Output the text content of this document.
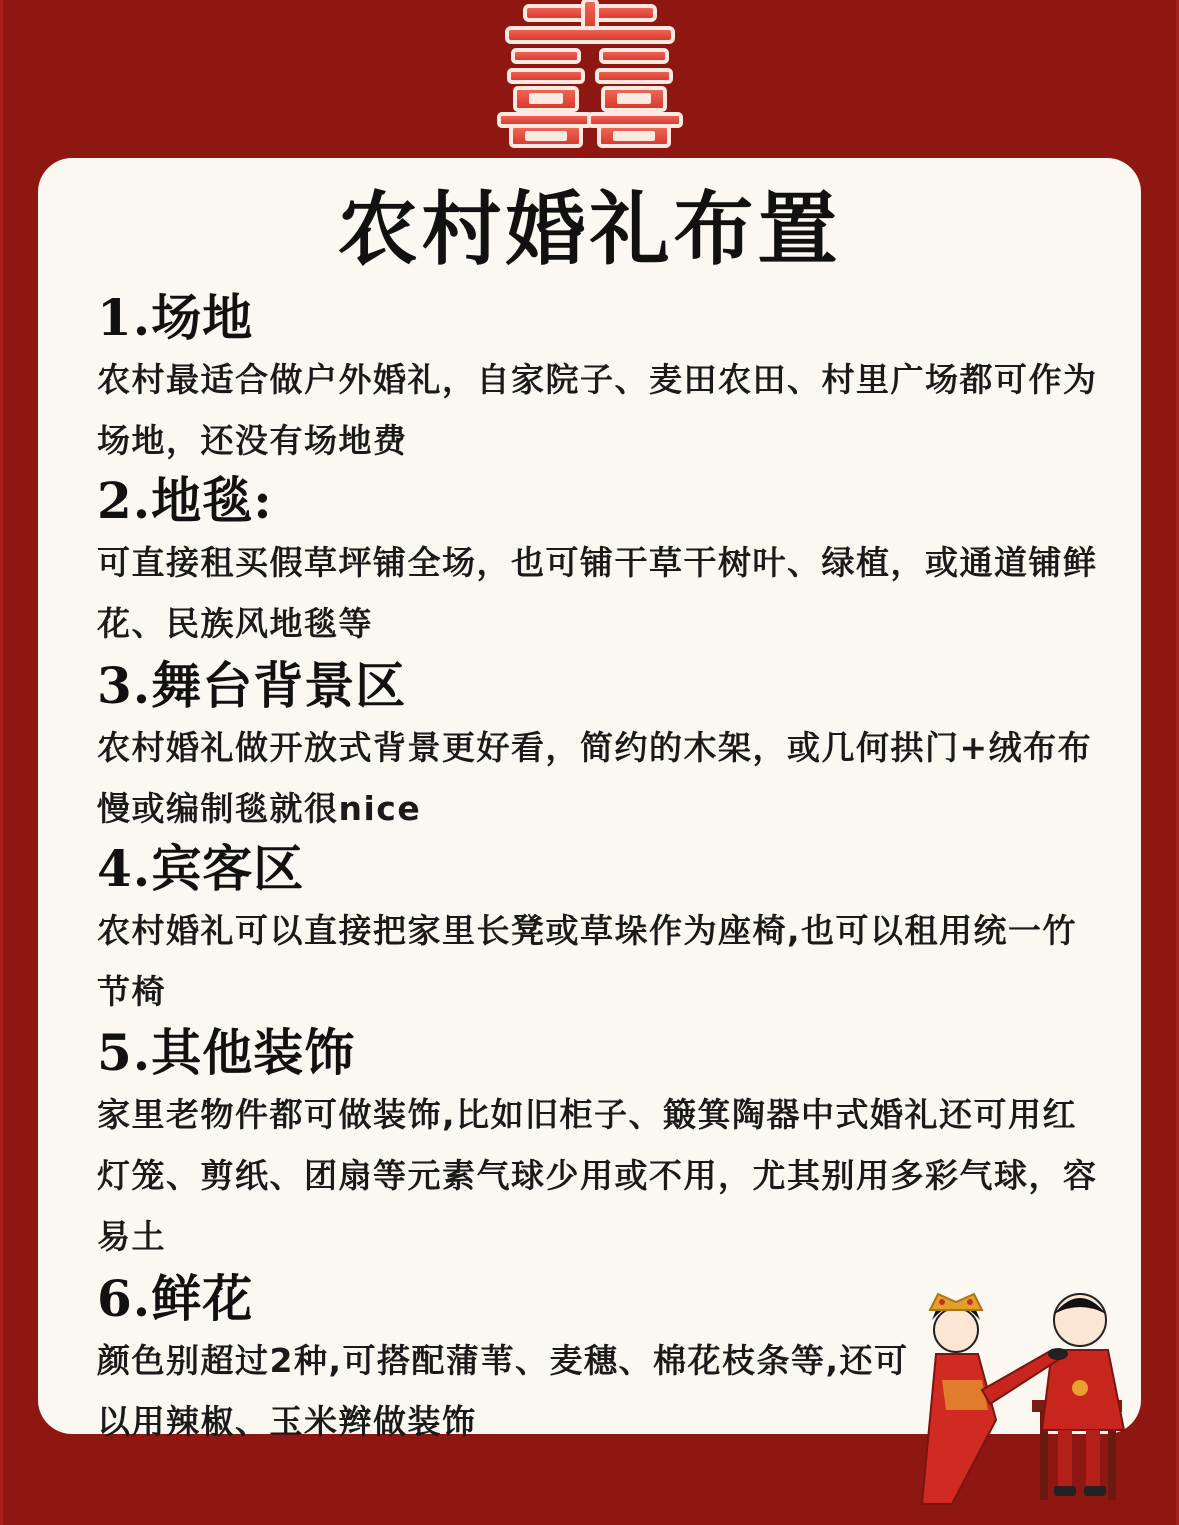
农村婚礼布置
1.场地
农村最适合做户外婚礼，自家院子、麦田农田、村里广场都可作为场地，还没有场地费
2.地毯:
可直接租买假草坪铺全场，也可铺干草干树叶、绿植，或通道铺鲜花、民族风地毯等
3.舞台背景区
农村婚礼做开放式背景更好看，简约的木架，或几何拱门+绒布布慢或编制毯就很nice
4.宾客区
农村婚礼可以直接把家里长凳或草垛作为座椅,也可以租用统一竹节椅
5.其他装饰
家里老物件都可做装饰,比如旧柜子、簸箕陶器中式婚礼还可用红灯笼、剪纸、团扇等元素气球少用或不用，尤其别用多彩气球，容易土
6.鲜花
颜色别超过2种,可搭配蒲苇、麦穗、棉花枝条等,还可以用辣椒、玉米辫做装饰
